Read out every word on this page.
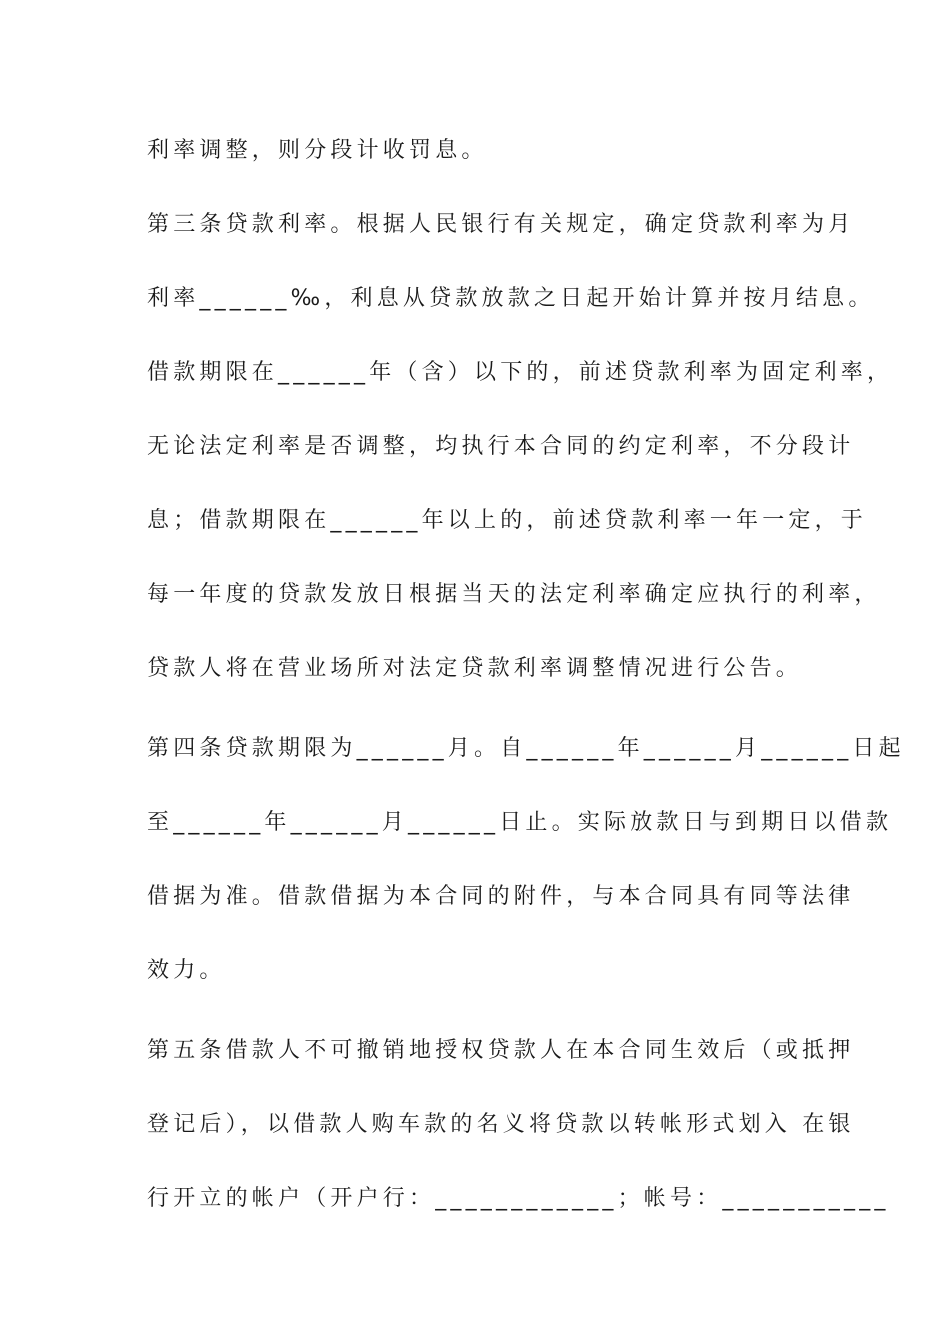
利率调整，则分段计收罚息。
第三条贷款利率。根据人民银行有关规定，确定贷款利率为月
利率______‰，利息从贷款放款之日起开始计算并按月结息。
借款期限在______年（含）以下的，前述贷款利率为固定利率，
无论法定利率是否调整，均执行本合同的约定利率，不分段计
息；借款期限在______年以上的，前述贷款利率一年一定，于
每一年度的贷款发放日根据当天的法定利率确定应执行的利率，
贷款人将在营业场所对法定贷款利率调整情况进行公告。
第四条贷款期限为______月。自______年______月______日起
至______年______月______日止。实际放款日与到期日以借款
借据为准。借款借据为本合同的附件，与本合同具有同等法律
效力。
第五条借款人不可撤销地授权贷款人在本合同生效后（或抵押
登记后），以借款人购车款的名义将贷款以转帐形式划入 在银
行开立的帐户（开户行：____________；帐号：___________
